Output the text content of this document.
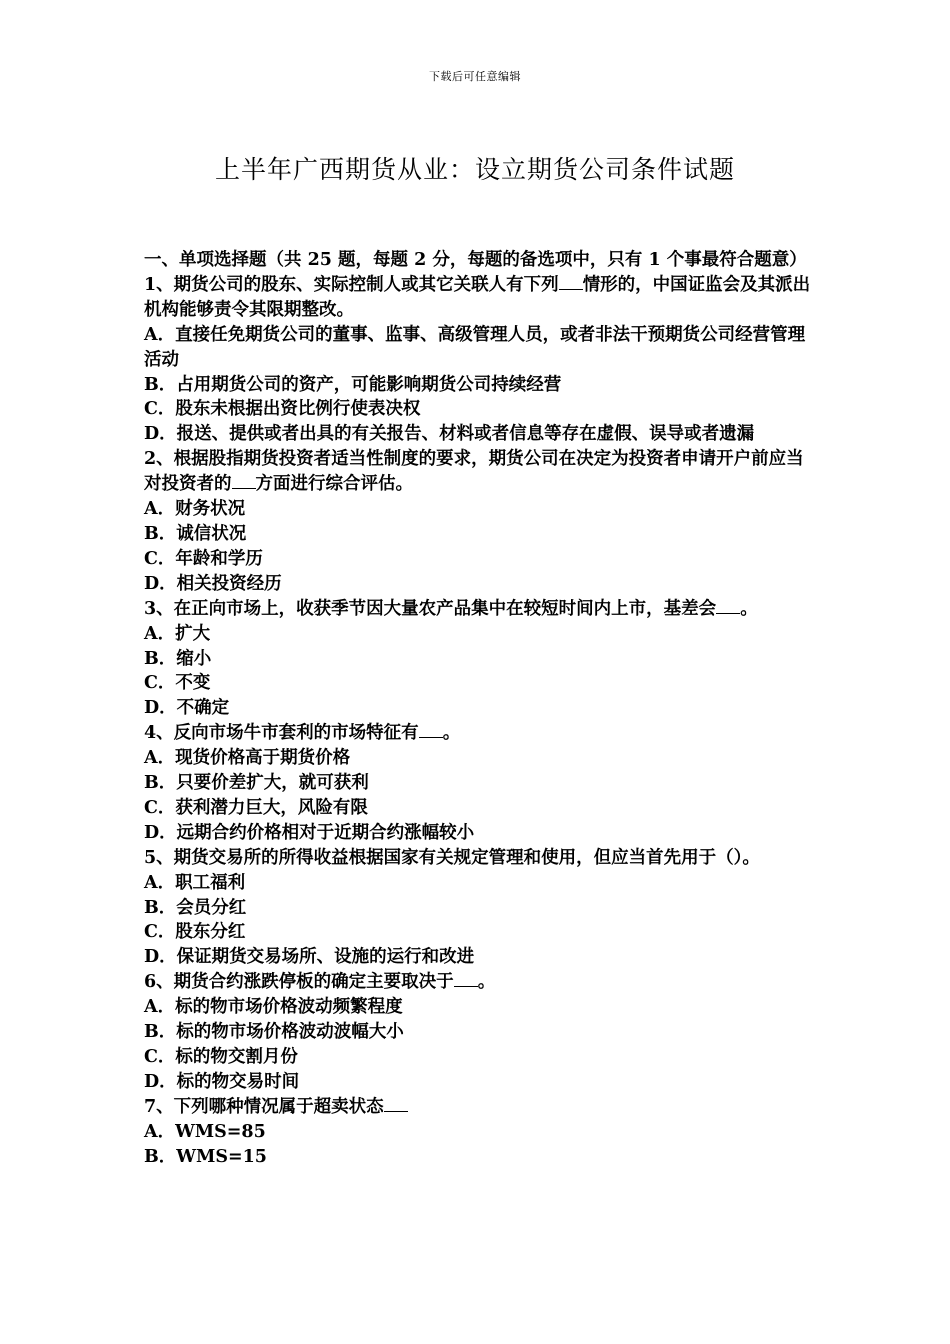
下载后可任意编辑
上半年广西期货从业：设立期货公司条件试题

一、单项选择题（共 25 题，每题 2 分，每题的备选项中，只有 1 个事最符合题意）

1、期货公司的股东、实际控制人或其它关联人有下列 情形的，中国证监会及其派出机构能够责令其限期整改。

A．直接任免期货公司的董事、监事、高级管理人员，或者非法干预期货公司经营管理活动

B．占用期货公司的资产，可能影响期货公司持续经营

C．股东未根据出资比例行使表决权

D．报送、提供或者出具的有关报告、材料或者信息等存在虚假、误导或者遗漏

2、根据股指期货投资者适当性制度的要求，期货公司在决定为投资者申请开户前应当对投资者的 方面进行综合评估。

A．财务状况

B．诚信状况

C．年龄和学历

D．相关投资经历

3、在正向市场上，收获季节因大量农产品集中在较短时间内上市，基差会 。

A．扩大

B．缩小

C．不变

D．不确定

4、反向市场牛市套利的市场特征有 。

A．现货价格高于期货价格

B．只要价差扩大，就可获利

C．获利潜力巨大，风险有限

D．远期合约价格相对于近期合约涨幅较小

5、期货交易所的所得收益根据国家有关规定管理和使用，但应当首先用于（）。

A．职工福利

B．会员分红

C．股东分红

D．保证期货交易场所、设施的运行和改进

6、期货合约涨跌停板的确定主要取决于 。

A．标的物市场价格波动频繁程度

B．标的物市场价格波动波幅大小

C．标的物交割月份

D．标的物交易时间

7、下列哪种情况属于超卖状态

A．WMS=85

B．WMS=15
